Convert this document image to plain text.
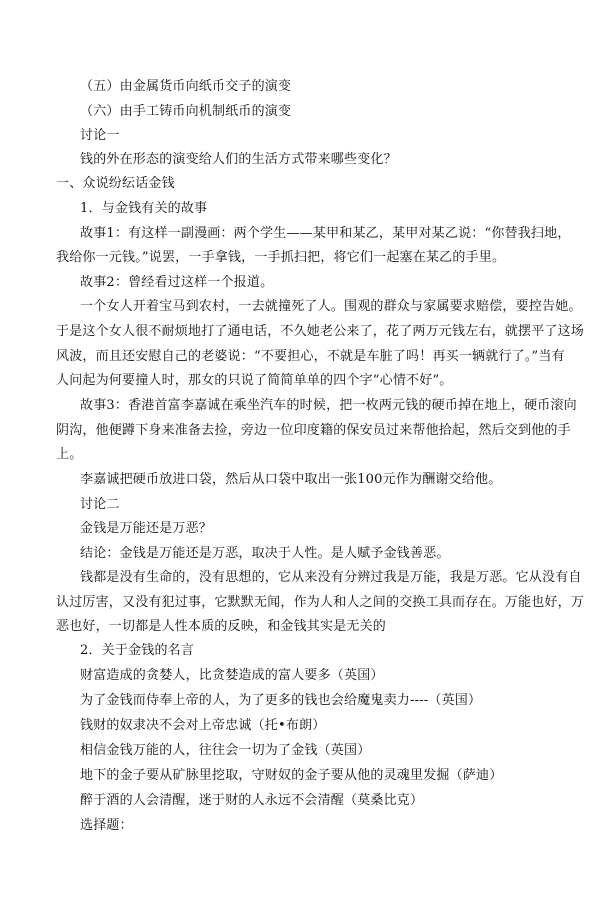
（五）由金属货币向纸币交子的演变
（六）由手工铸币向机制纸币的演变
讨论一
钱的外在形态的演变给人们的生活方式带来哪些变化？
一、众说纷纭话金钱
1．与金钱有关的故事
故事1：有这样一副漫画：两个学生——某甲和某乙，某甲对某乙说：“你替我扫地，
我给你一元钱。”说罢，一手拿钱，一手抓扫把，将它们一起塞在某乙的手里。
故事2：曾经看过这样一个报道。
一个女人开着宝马到农村，一去就撞死了人。围观的群众与家属要求赔偿，要控告她。
于是这个女人很不耐烦地打了通电话，不久她老公来了，花了两万元钱左右，就摆平了这场
风波，而且还安慰自己的老婆说：“不要担心，不就是车脏了吗！再买一辆就行了。”当有
人问起为何要撞人时，那女的只说了简简单单的四个字“心情不好”。
故事3：香港首富李嘉诚在乘坐汽车的时候，把一枚两元钱的硬币掉在地上，硬币滚向
阴沟，他便蹲下身来准备去捡，旁边一位印度籍的保安员过来帮他拾起，然后交到他的手
上。
李嘉诚把硬币放进口袋，然后从口袋中取出一张100元作为酬谢交给他。
讨论二
金钱是万能还是万恶？
结论：金钱是万能还是万恶，取决于人性。是人赋予金钱善恶。
钱都是没有生命的，没有思想的，它从来没有分辨过我是万能，我是万恶。它从没有自
认过厉害，又没有犯过事，它默默无闻，作为人和人之间的交换工具而存在。万能也好，万
恶也好，一切都是人性本质的反映，和金钱其实是无关的
2．关于金钱的名言
财富造成的贪婪人，比贪婪造成的富人要多（英国）
为了金钱而侍奉上帝的人，为了更多的钱也会给魔鬼卖力----（英国）
钱财的奴隶决不会对上帝忠诚（托•布朗）
相信金钱万能的人，往往会一切为了金钱（英国）
地下的金子要从矿脉里挖取，守财奴的金子要从他的灵魂里发掘（萨迪）
醉于酒的人会清醒，迷于财的人永远不会清醒（莫桑比克）
选择题：
